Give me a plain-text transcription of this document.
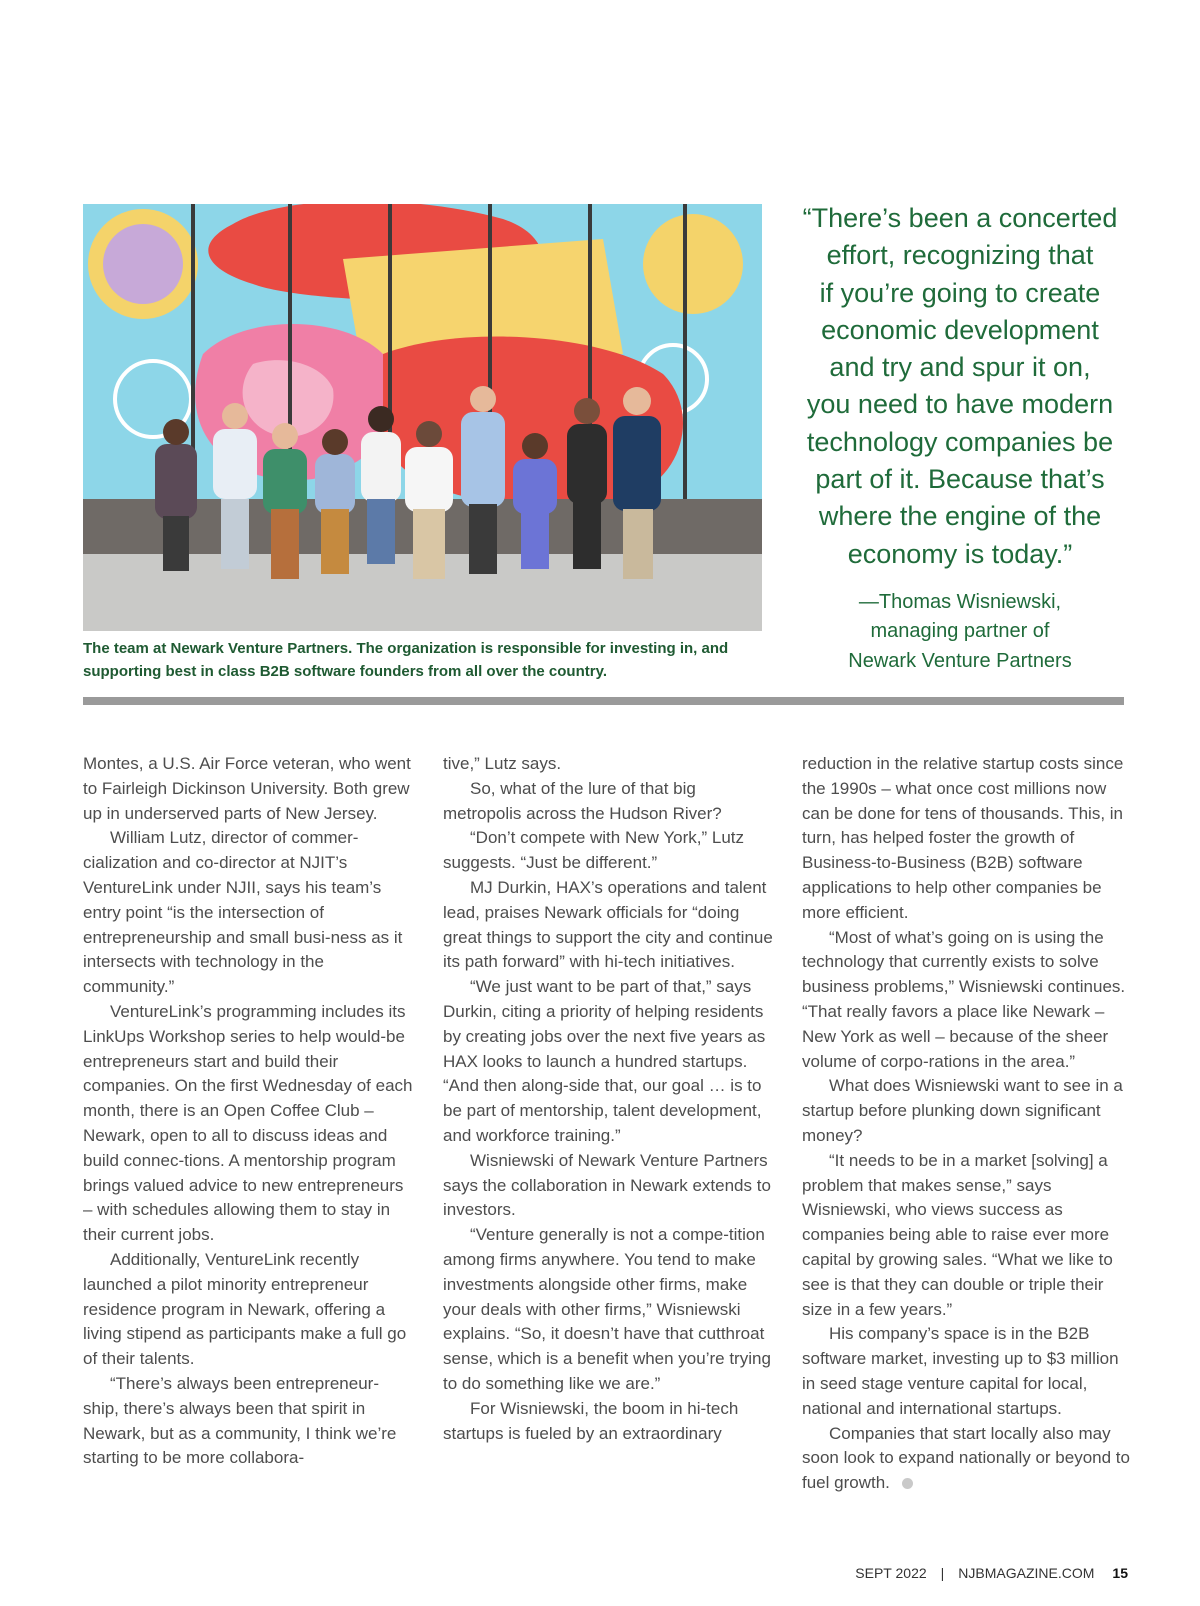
The team at Newark Venture Partners. The organization is responsible for investing in, and supporting best in class B2B software founders from all over the country.
“There’s been a concerted
effort, recognizing that
if you’re going to create
economic development
and try and spur it on,
you need to have modern
technology companies be
part of it. Because that’s
where the engine of the
economy is today.”
—Thomas Wisniewski,
managing partner of
Newark Venture Partners

Montes, a U.S. Air Force veteran, who went to Fairleigh Dickinson University. Both grew up in underserved parts of New Jersey.

William Lutz, director of commer-cialization and co-director at NJIT’s VentureLink under NJII, says his team’s entry point “is the intersection of entrepreneurship and small busi-ness as it intersects with technology in the community.”

VentureLink’s programming includes its LinkUps Workshop series to help would-be entrepreneurs start and build their companies. On the first Wednesday of each month, there is an Open Coffee Club – Newark, open to all to discuss ideas and build connec-tions. A mentorship program brings valued advice to new entrepreneurs – with schedules allowing them to stay in their current jobs.

Additionally, VentureLink recently launched a pilot minority entrepreneur residence program in Newark, offering a living stipend as participants make a full go of their talents.

“There’s always been entrepreneur-ship, there’s always been that spirit in Newark, but as a community, I think we’re starting to be more collabora-

tive,” Lutz says.

So, what of the lure of that big metropolis across the Hudson River?

“Don’t compete with New York,” Lutz suggests. “Just be different.”

MJ Durkin, HAX’s operations and talent lead, praises Newark officials for “doing great things to support the city and continue its path forward” with hi-tech initiatives.

“We just want to be part of that,” says Durkin, citing a priority of helping residents by creating jobs over the next five years as HAX looks to launch a hundred startups. “And then along-side that, our goal … is to be part of mentorship, talent development, and workforce training.”

Wisniewski of Newark Venture Partners says the collaboration in Newark extends to investors.

“Venture generally is not a compe-tition among firms anywhere. You tend to make investments alongside other firms, make your deals with other firms,” Wisniewski explains. “So, it doesn’t have that cutthroat sense, which is a benefit when you’re trying to do something like we are.”

For Wisniewski, the boom in hi-tech startups is fueled by an extraordinary

reduction in the relative startup costs since the 1990s – what once cost millions now can be done for tens of thousands. This, in turn, has helped foster the growth of Business-to-Business (B2B) software applications to help other companies be more efficient.

“Most of what’s going on is using the technology that currently exists to solve business problems,” Wisniewski continues. “That really favors a place like Newark – New York as well – because of the sheer volume of corpo-rations in the area.”

What does Wisniewski want to see in a startup before plunking down significant money?

“It needs to be in a market [solving] a problem that makes sense,” says Wisniewski, who views success as companies being able to raise ever more capital by growing sales. “What we like to see is that they can double or triple their size in a few years.”

His company’s space is in the B2B software market, investing up to $3 million in seed stage venture capital for local, national and international startups.

Companies that start locally also may soon look to expand nationally or beyond to fuel growth.

SEPT 2022 | NJBMAGAZINE.COM 15
